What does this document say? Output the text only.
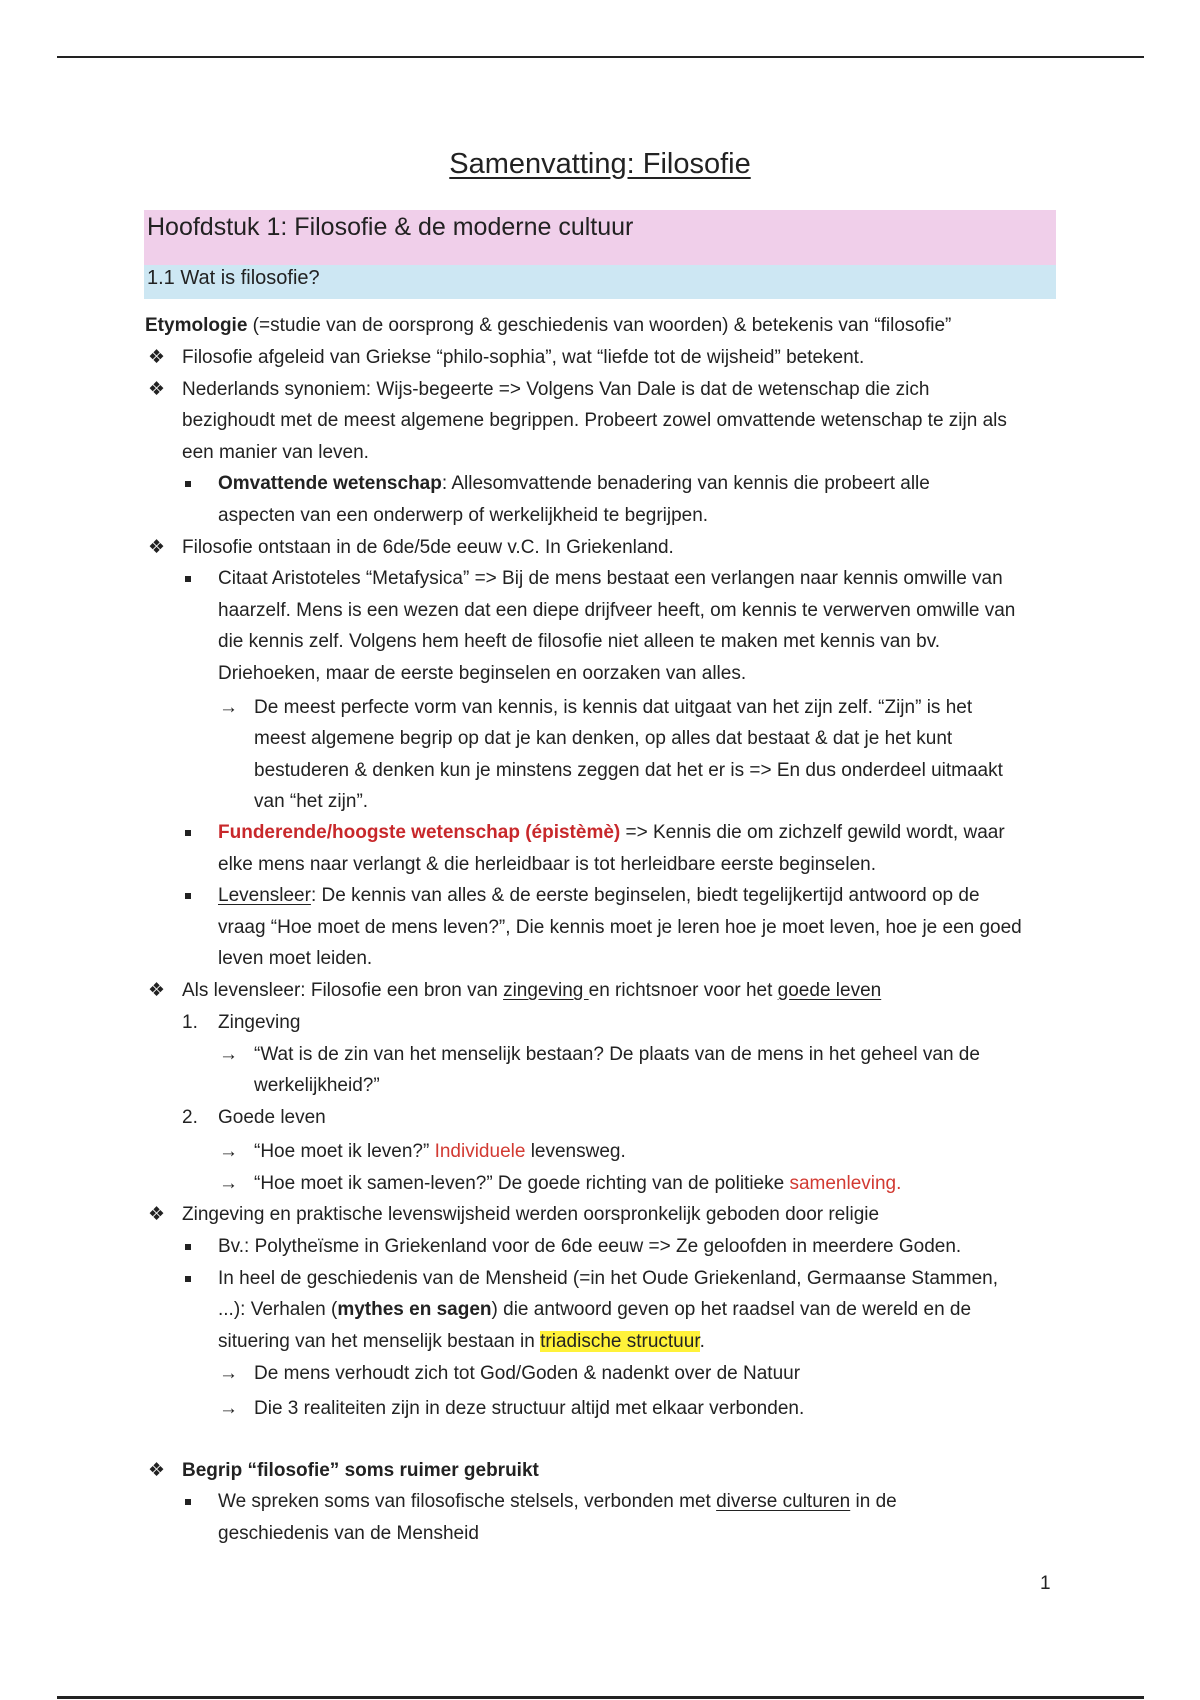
Samenvatting: Filosofie
Hoofdstuk 1: Filosofie & de moderne cultuur
1.1 Wat is filosofie?
Etymologie (=studie van de oorsprong & geschiedenis van woorden) & betekenis van “filosofie”
❖ Filosofie afgeleid van Griekse “philo-sophia”, wat “liefde tot de wijsheid” betekent.
❖ Nederlands synoniem: Wijs-begeerte => Volgens Van Dale is dat de wetenschap die zich
bezighoudt met de meest algemene begrippen. Probeert zowel omvattende wetenschap te zijn als
een manier van leven.
Omvattende wetenschap: Allesomvattende benadering van kennis die probeert alle
aspecten van een onderwerp of werkelijkheid te begrijpen.
❖ Filosofie ontstaan in de 6de/5de eeuw v.C. In Griekenland.
Citaat Aristoteles “Metafysica” => Bij de mens bestaat een verlangen naar kennis omwille van
haarzelf. Mens is een wezen dat een diepe drijfveer heeft, om kennis te verwerven omwille van
die kennis zelf. Volgens hem heeft de filosofie niet alleen te maken met kennis van bv.
Driehoeken, maar de eerste beginselen en oorzaken van alles.
→ De meest perfecte vorm van kennis, is kennis dat uitgaat van het zijn zelf. “Zijn” is het
meest algemene begrip op dat je kan denken, op alles dat bestaat & dat je het kunt
bestuderen & denken kun je minstens zeggen dat het er is => En dus onderdeel uitmaakt
van “het zijn”.
Funderende/hoogste wetenschap (épistèmè) => Kennis die om zichzelf gewild wordt, waar
elke mens naar verlangt & die herleidbaar is tot herleidbare eerste beginselen.
Levensleer: De kennis van alles & de eerste beginselen, biedt tegelijkertijd antwoord op de
vraag “Hoe moet de mens leven?”, Die kennis moet je leren hoe je moet leven, hoe je een goed
leven moet leiden.
❖ Als levensleer: Filosofie een bron van zingeving en richtsnoer voor het goede leven
1. Zingeving
→ “Wat is de zin van het menselijk bestaan? De plaats van de mens in het geheel van de
werkelijkheid?”
2. Goede leven
→ “Hoe moet ik leven?” Individuele levensweg.
→ “Hoe moet ik samen-leven?” De goede richting van de politieke samenleving.
❖ Zingeving en praktische levenswijsheid werden oorspronkelijk geboden door religie
Bv.: Polytheïsme in Griekenland voor de 6de eeuw => Ze geloofden in meerdere Goden.
In heel de geschiedenis van de Mensheid (=in het Oude Griekenland, Germaanse Stammen,
...): Verhalen (mythes en sagen) die antwoord geven op het raadsel van de wereld en de
situering van het menselijk bestaan in triadische structuur.
→ De mens verhoudt zich tot God/Goden & nadenkt over de Natuur
→ Die 3 realiteiten zijn in deze structuur altijd met elkaar verbonden.
❖ Begrip “filosofie” soms ruimer gebruikt
We spreken soms van filosofische stelsels, verbonden met diverse culturen in de
geschiedenis van de Mensheid
1
